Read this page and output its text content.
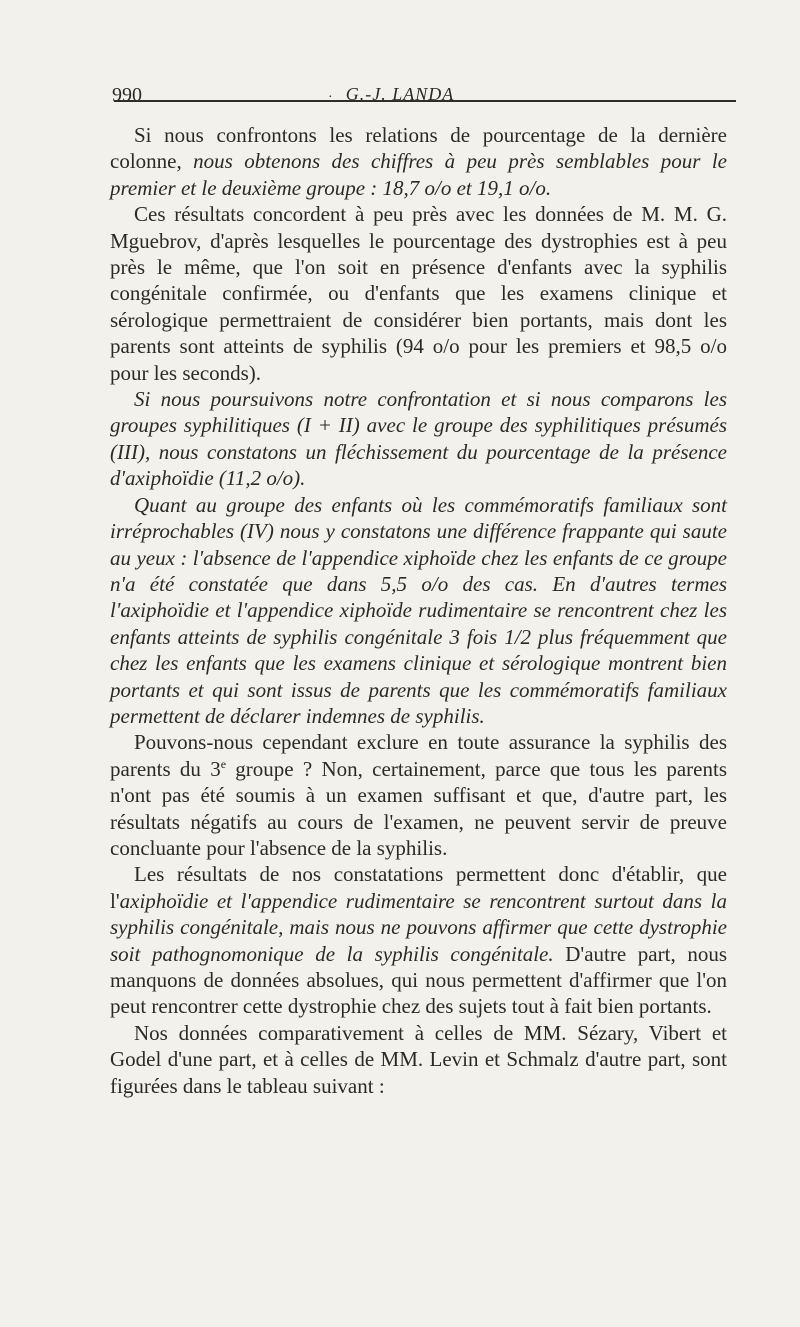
990	· G.-J. LANDA

Si nous confrontons les relations de pourcentage de la dernière colonne, nous obtenons des chiffres à peu près semblables pour le premier et le deuxième groupe : 18,7 o/o et 19,1 o/o.

Ces résultats concordent à peu près avec les données de M. M. G. Mguebrov, d'après lesquelles le pourcentage des dystrophies est à peu près le même, que l'on soit en présence d'enfants avec la syphilis congénitale confirmée, ou d'enfants que les examens clinique et sérologique permettraient de considérer bien portants, mais dont les parents sont atteints de syphilis (94 o/o pour les premiers et 98,5 o/o pour les seconds).

Si nous poursuivons notre confrontation et si nous comparons les groupes syphilitiques (I + II) avec le groupe des syphilitiques présumés (III), nous constatons un fléchissement du pourcentage de la présence d'axiphoïdie (11,2 o/o).

Quant au groupe des enfants où les commémoratifs familiaux sont irréprochables (IV) nous y constatons une différence frappante qui saute au yeux : l'absence de l'appendice xiphoïde chez les enfants de ce groupe n'a été constatée que dans 5,5 o/o des cas. En d'autres termes l'axiphoïdie et l'appendice xiphoïde rudimentaire se rencontrent chez les enfants atteints de syphilis congénitale 3 fois 1/2 plus fréquemment que chez les enfants que les examens clinique et sérologique montrent bien portants et qui sont issus de parents que les commémoratifs familiaux permettent de déclarer indemnes de syphilis.

Pouvons-nous cependant exclure en toute assurance la syphilis des parents du 3e groupe ? Non, certainement, parce que tous les parents n'ont pas été soumis à un examen suffisant et que, d'autre part, les résultats négatifs au cours de l'examen, ne peuvent servir de preuve concluante pour l'absence de la syphilis.

Les résultats de nos constatations permettent donc d'établir, que l'axiphoïdie et l'appendice rudimentaire se rencontrent surtout dans la syphilis congénitale, mais nous ne pouvons affirmer que cette dystrophie soit pathognomonique de la syphilis congénitale. D'autre part, nous manquons de données absolues, qui nous permettent d'affirmer que l'on peut rencontrer cette dystrophie chez des sujets tout à fait bien portants.

Nos données comparativement à celles de MM. Sézary, Vibert et Godel d'une part, et à celles de MM. Levin et Schmalz d'autre part, sont figurées dans le tableau suivant :
